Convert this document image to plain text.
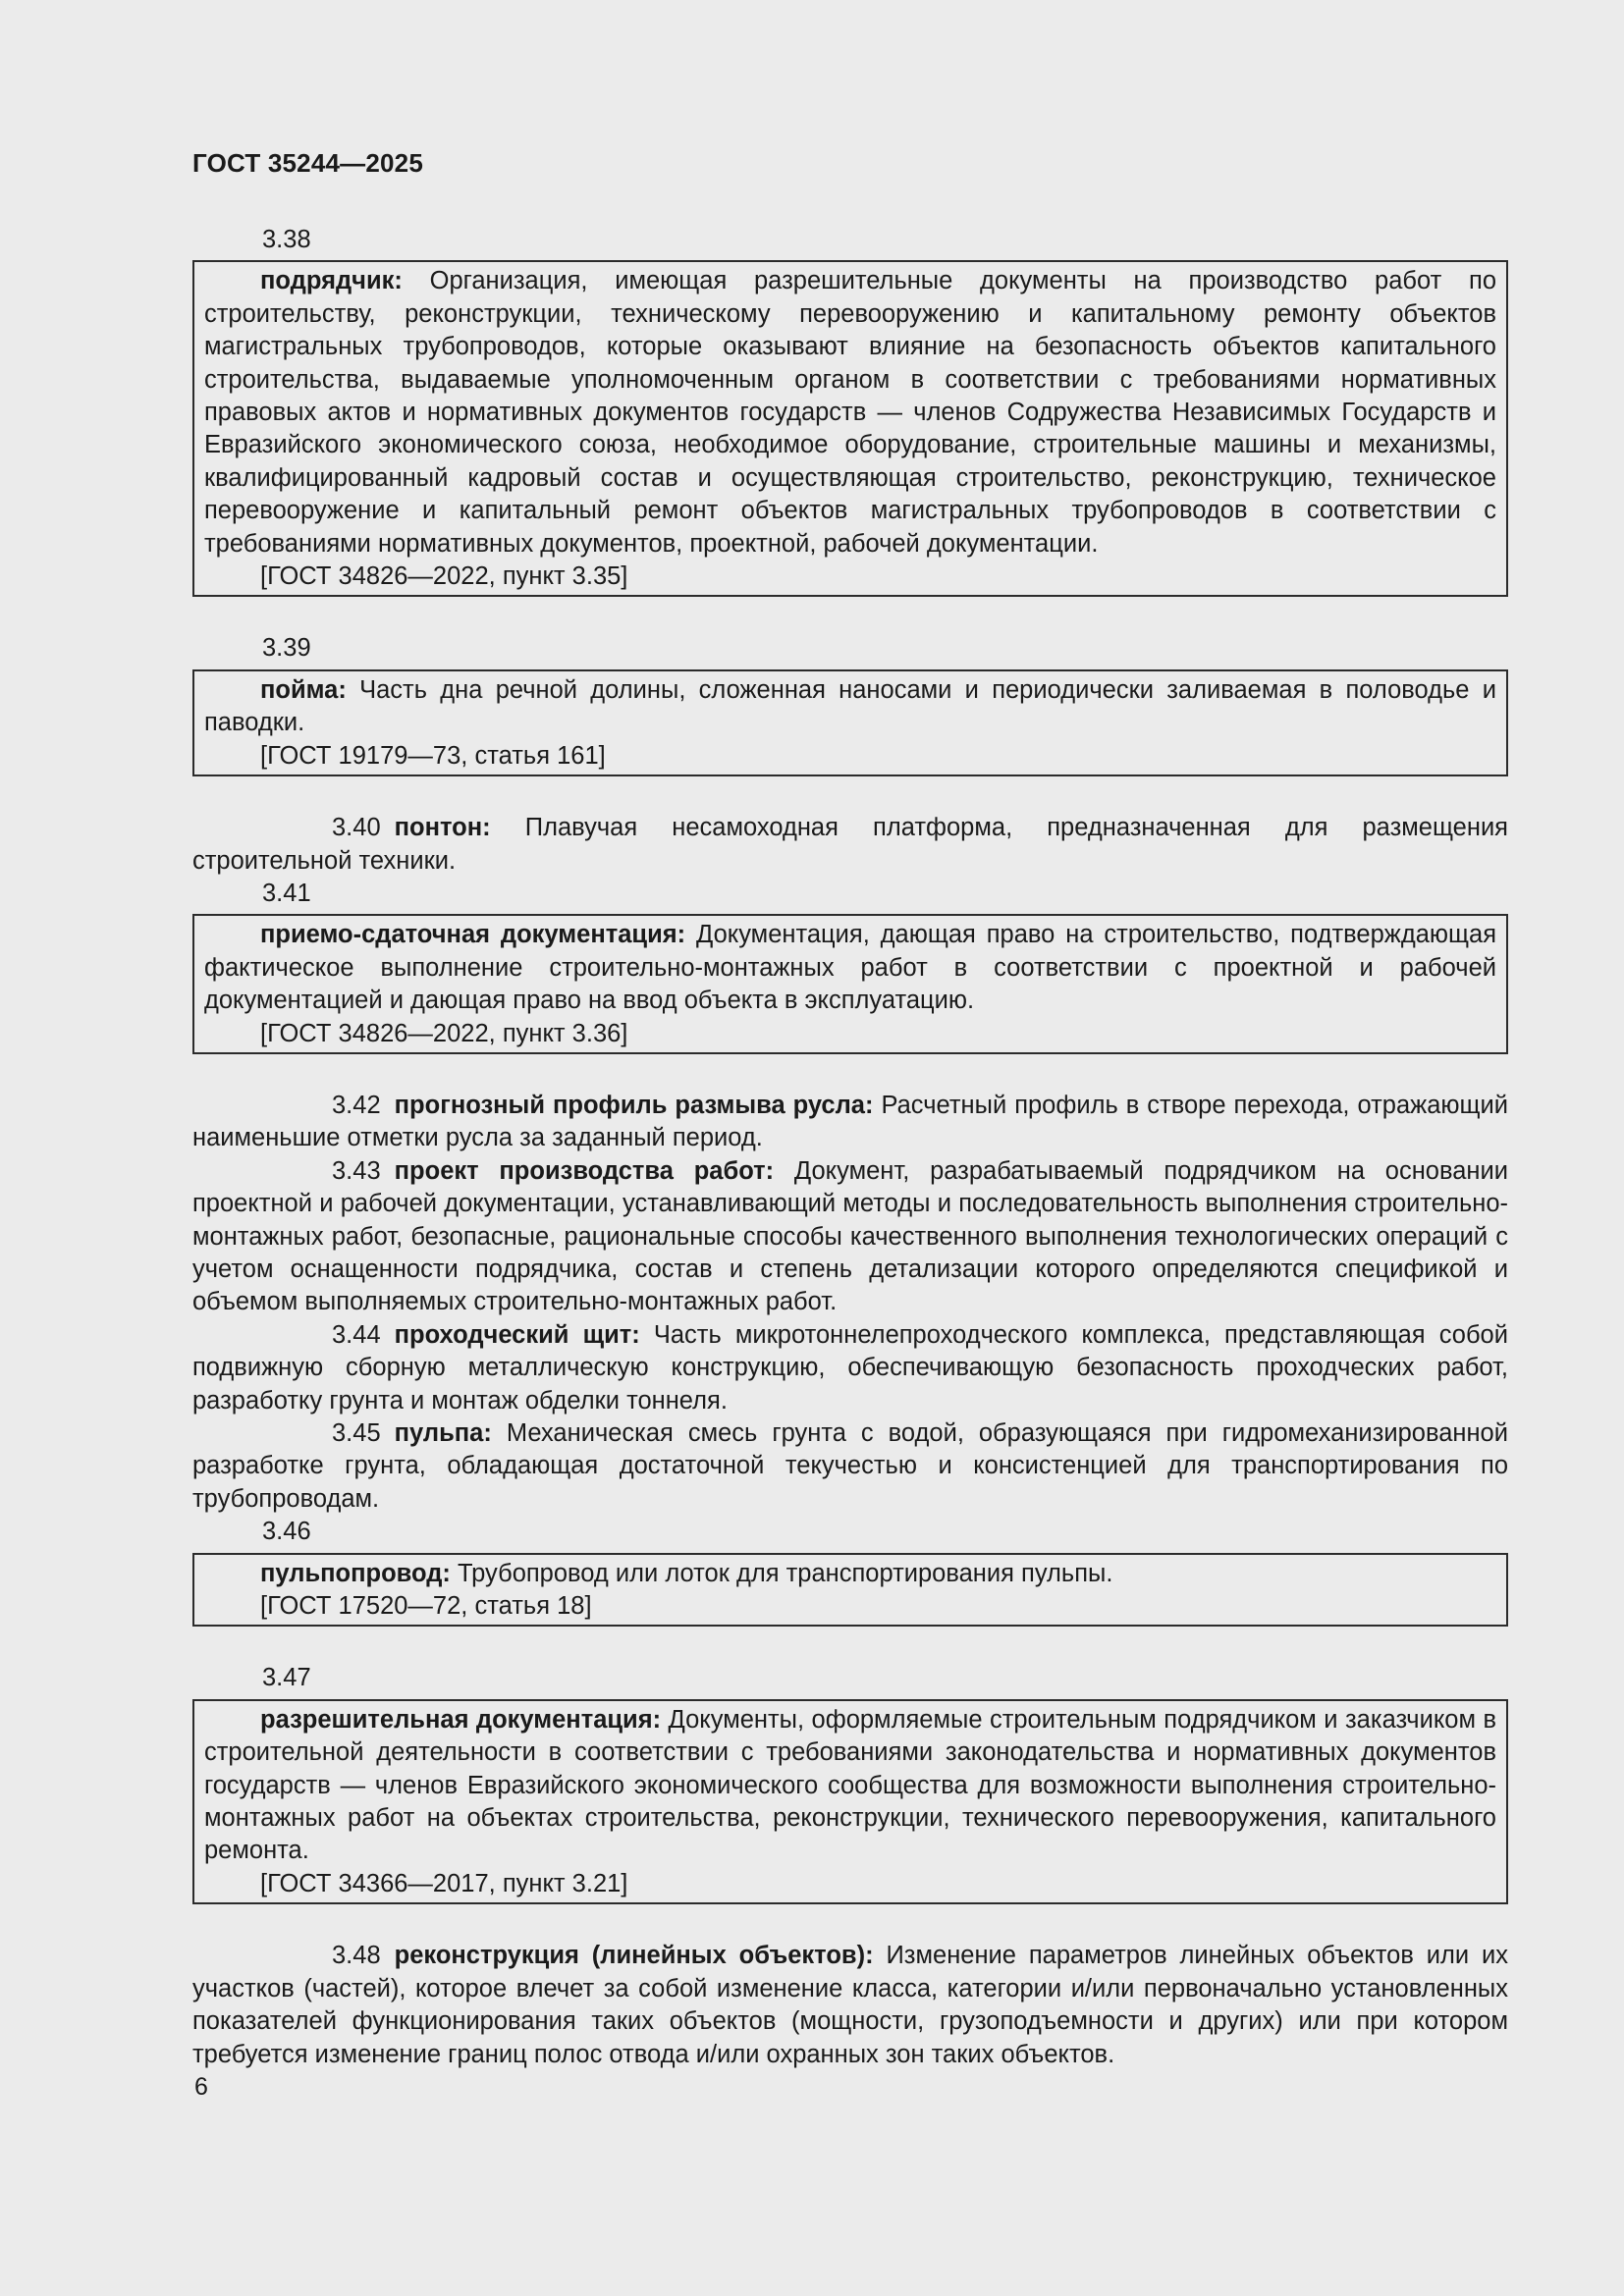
ГОСТ 35244—2025
3.38

подрядчик: Организация, имеющая разрешительные документы на производство работ по строительству, реконструкции, техническому перевооружению и капитальному ремонту объектов магистральных трубопроводов, которые оказывают влияние на безопасность объектов капитального строительства, выдаваемые уполномоченным органом в соответствии с требованиями нормативных правовых актов и нормативных документов государств — членов Содружества Независимых Государств и Евразийского экономического союза, необходимое оборудование, строительные машины и механизмы, квалифицированный кадровый состав и осуществляющая строительство, реконструкцию, техническое перевооружение и капитальный ремонт объектов магистральных трубопроводов в соответствии с требованиями нормативных документов, проектной, рабочей документации.

[ГОСТ 34826—2022, пункт 3.35]

3.39

пойма: Часть дна речной долины, сложенная наносами и периодически заливаемая в половодье и паводки.

[ГОСТ 19179—73, статья 161]

3.40 понтон: Плавучая несамоходная платформа, предназначенная для размещения строительной техники.

3.41

приемо-сдаточная документация: Документация, дающая право на строительство, подтверждающая фактическое выполнение строительно-монтажных работ в соответствии с проектной и рабочей документацией и дающая право на ввод объекта в эксплуатацию.

[ГОСТ 34826—2022, пункт 3.36]

3.42 прогнозный профиль размыва русла: Расчетный профиль в створе перехода, отражающий наименьшие отметки русла за заданный период.

3.43 проект производства работ: Документ, разрабатываемый подрядчиком на основании проектной и рабочей документации, устанавливающий методы и последовательность выполнения строительно-монтажных работ, безопасные, рациональные способы качественного выполнения технологических операций с учетом оснащенности подрядчика, состав и степень детализации которого определяются спецификой и объемом выполняемых строительно-монтажных работ.

3.44 проходческий щит: Часть микротоннелепроходческого комплекса, представляющая собой подвижную сборную металлическую конструкцию, обеспечивающую безопасность проходческих работ, разработку грунта и монтаж обделки тоннеля.

3.45 пульпа: Механическая смесь грунта с водой, образующаяся при гидромеханизированной разработке грунта, обладающая достаточной текучестью и консистенцией для транспортирования по трубопроводам.

3.46

пульпопровод: Трубопровод или лоток для транспортирования пульпы.

[ГОСТ 17520—72, статья 18]

3.47

разрешительная документация: Документы, оформляемые строительным подрядчиком и заказчиком в строительной деятельности в соответствии с требованиями законодательства и нормативных документов государств — членов Евразийского экономического сообщества для возможности выполнения строительно-монтажных работ на объектах строительства, реконструкции, технического перевооружения, капитального ремонта.

[ГОСТ 34366—2017, пункт 3.21]

3.48 реконструкция (линейных объектов): Изменение параметров линейных объектов или их участков (частей), которое влечет за собой изменение класса, категории и/или первоначально установленных показателей функционирования таких объектов (мощности, грузоподъемности и других) или при котором требуется изменение границ полос отвода и/или охранных зон таких объектов.

6
